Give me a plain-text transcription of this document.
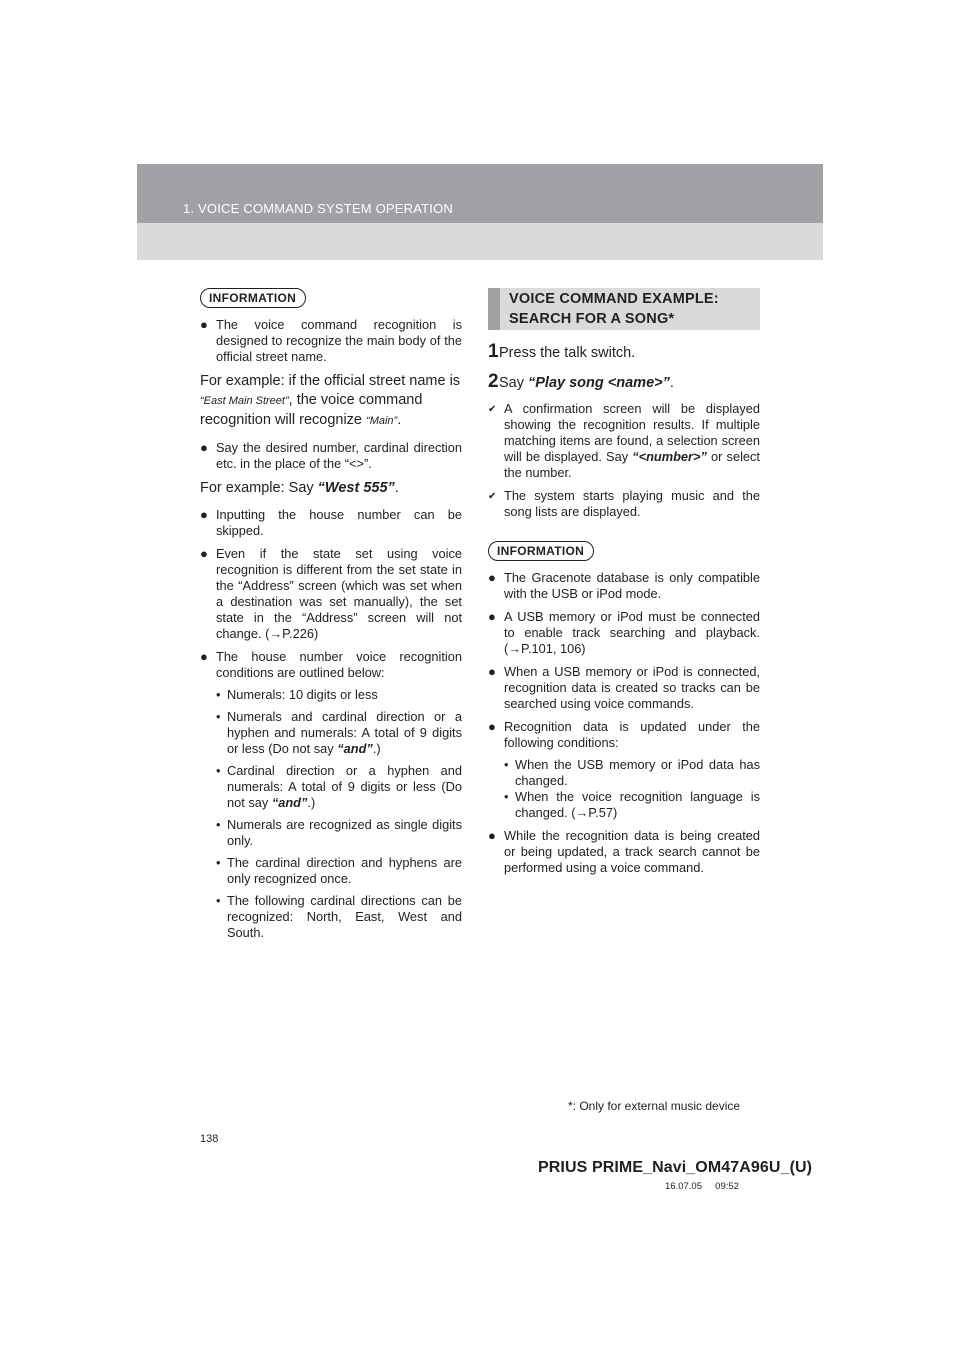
1. VOICE COMMAND SYSTEM OPERATION
INFORMATION
● The voice command recognition is designed to recognize the main body of the official street name.

For example: if the official street name is “East Main Street”, the voice command recognition will recognize “Main”.
● Say the desired number, cardinal direction etc. in the place of the “<>”.

For example: Say “West 555”.
● Inputting the house number can be skipped.

● Even if the state set using voice recognition is different from the set state in the “Address” screen (which was set when a destination was set manually), the set state in the “Address” screen will not change. (→P.226)

● The house number voice recognition conditions are outlined below:

• Numerals: 10 digits or less
• Numerals and cardinal direction or a hyphen and numerals: A total of 9 digits or less (Do not say “and”.)
• Cardinal direction or a hyphen and numerals: A total of 9 digits or less (Do not say “and”.)
• Numerals are recognized as single digits only.
• The cardinal direction and hyphens are only recognized once.
• The following cardinal directions can be recognized: North, East, West and South.
VOICE COMMAND EXAMPLE:
SEARCH FOR A SONG*
1 Press the talk switch.
2 Say “Play song <name>”.
✔ A confirmation screen will be displayed showing the recognition results. If multiple matching items are found, a selection screen will be displayed. Say “<number>” or select the number.

✔ The system starts playing music and the song lists are displayed.

INFORMATION
● The Gracenote database is only compatible with the USB or iPod mode.

● A USB memory or iPod must be connected to enable track searching and playback. (→P.101, 106)

● When a USB memory or iPod is connected, recognition data is created so tracks can be searched using voice commands.

● Recognition data is updated under the following conditions:

• When the USB memory or iPod data has changed.
• When the voice recognition language is changed. (→P.57)
● While the recognition data is being created or being updated, a track search cannot be performed using a voice command.

*: Only for external music device
138
PRIUS PRIME_Navi_OM47A96U_(U)
16.07.05     09:52
